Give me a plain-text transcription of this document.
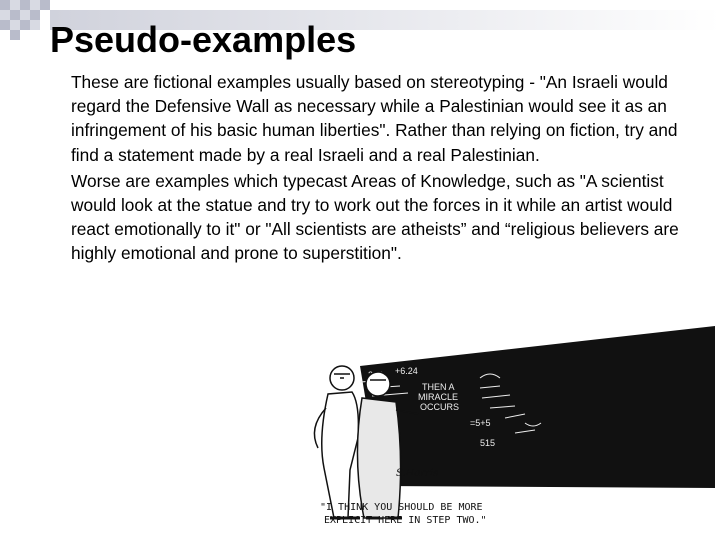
Pseudo-examples

These are fictional examples usually based on stereotyping - "An Israeli would regard the Defensive Wall as necessary while a Palestinian would see it as an infringement of his basic human liberties". Rather than relying on fiction, try and find a statement made by a real Israeli and a real Palestinian.

Worse are examples which typecast Areas of Knowledge, such as "A scientist would look at the statue and try to work out the forces in it while an artist would react emotionally to it" or "All scientists are atheists” and “religious believers are highly emotional and prone to superstition".

+6.24
THEN A
MIRACLE
OCCURS
=5+5
515
S.Harris
"I THINK YOU SHOULD BE MORE
EXPLICIT HERE IN STEP TWO."
